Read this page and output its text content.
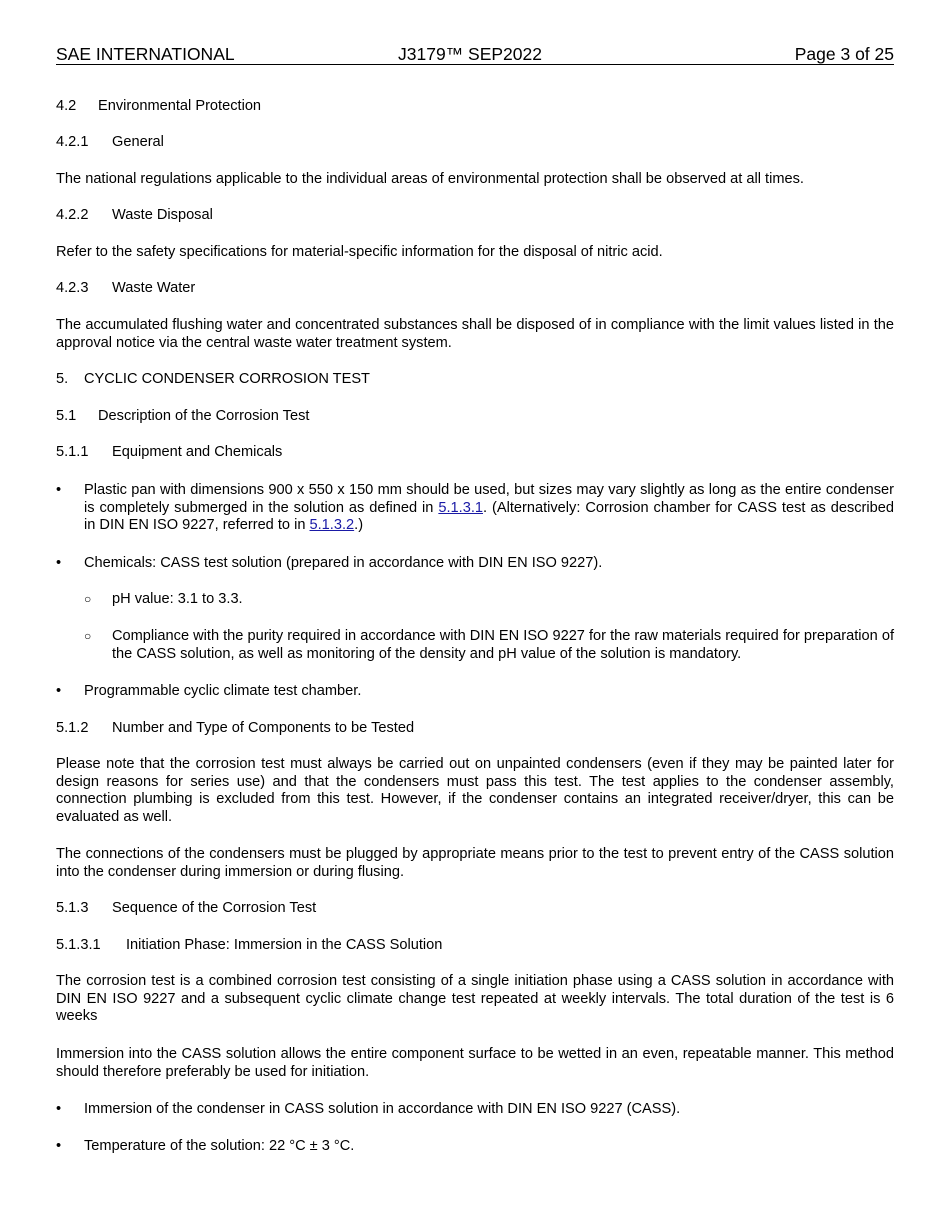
SAE INTERNATIONAL	J3179™ SEP2022	Page 3 of 25
4.2 Environmental Protection
4.2.1 General
The national regulations applicable to the individual areas of environmental protection shall be observed at all times.
4.2.2 Waste Disposal
Refer to the safety specifications for material-specific information for the disposal of nitric acid.
4.2.3 Waste Water
The accumulated flushing water and concentrated substances shall be disposed of in compliance with the limit values listed in the approval notice via the central waste water treatment system.
5. CYCLIC CONDENSER CORROSION TEST
5.1 Description of the Corrosion Test
5.1.1 Equipment and Chemicals
•	Plastic pan with dimensions 900 x 550 x 150 mm should be used, but sizes may vary slightly as long as the entire condenser is completely submerged in the solution as defined in 5.1.3.1. (Alternatively: Corrosion chamber for CASS test as described in DIN EN ISO 9227, referred to in 5.1.3.2.)
•	Chemicals: CASS test solution (prepared in accordance with DIN EN ISO 9227).
○ pH value: 3.1 to 3.3.
○ Compliance with the purity required in accordance with DIN EN ISO 9227 for the raw materials required for preparation of the CASS solution, as well as monitoring of the density and pH value of the solution is mandatory.
•	Programmable cyclic climate test chamber.
5.1.2 Number and Type of Components to be Tested
Please note that the corrosion test must always be carried out on unpainted condensers (even if they may be painted later for design reasons for series use) and that the condensers must pass this test. The test applies to the condenser assembly, connection plumbing is excluded from this test. However, if the condenser contains an integrated receiver/dryer, this can be evaluated as well.
The connections of the condensers must be plugged by appropriate means prior to the test to prevent entry of the CASS solution into the condenser during immersion or during flusing.
5.1.3 Sequence of the Corrosion Test
5.1.3.1 Initiation Phase: Immersion in the CASS Solution
The corrosion test is a combined corrosion test consisting of a single initiation phase using a CASS solution in accordance with DIN EN ISO 9227 and a subsequent cyclic climate change test repeated at weekly intervals. The total duration of the test is 6 weeks
Immersion into the CASS solution allows the entire component surface to be wetted in an even, repeatable manner. This method should therefore preferably be used for initiation.
•	Immersion of the condenser in CASS solution in accordance with DIN EN ISO 9227 (CASS).
•	Temperature of the solution: 22 °C ± 3 °C.
